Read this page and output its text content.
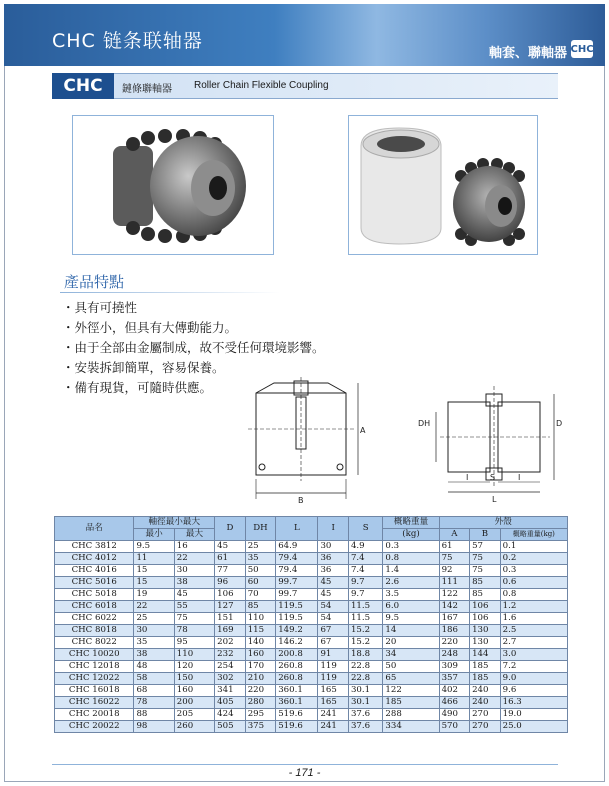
CHC 链条联轴器
軸套、聯軸器 CHC
CHC	鏈條聯軸器 Roller Chain Flexible Coupling
產品特點
・具有可撓性
・外徑小，但具有大傳動能力。
・由于全部由金屬制成，故不受任何環境影響。
・安裝拆卸簡單，容易保養。
・備有現貨，可隨時供應。
A
B
DH	D
I	S	I
L
品名	軸徑最小最大		D	DH	L	I	S	概略重量	外殼		
	最小	最大						(kg)	A	B	概略重量(kg)
CHC 3812	9.5	16	45	25	64.9	30	4.9	0.3	61	57	0.1
CHC 4012	11	22	61	35	79.4	36	7.4	0.8	75	75	0.2
CHC 4016	15	30	77	50	79.4	36	7.4	1.4	92	75	0.3
CHC 5016	15	38	96	60	99.7	45	9.7	2.6	111	85	0.6
CHC 5018	19	45	106	70	99.7	45	9.7	3.5	122	85	0.8
CHC 6018	22	55	127	85	119.5	54	11.5	6.0	142	106	1.2
CHC 6022	25	75	151	110	119.5	54	11.5	9.5	167	106	1.6
CHC 8018	30	78	169	115	149.2	67	15.2	14	186	130	2.5
CHC 8022	35	95	202	140	146.2	67	15.2	20	220	130	2.7
CHC 10020	38	110	232	160	200.8	91	18.8	34	248	144	3.0
CHC 12018	48	120	254	170	260.8	119	22.8	50	309	185	7.2
CHC 12022	58	150	302	210	260.8	119	22.8	65	357	185	9.0
CHC 16018	68	160	341	220	360.1	165	30.1	122	402	240	9.6
CHC 16022	78	200	405	280	360.1	165	30.1	185	466	240	16.3
CHC 20018	88	205	424	295	519.6	241	37.6	288	490	270	19.0
CHC 20022	98	260	505	375	519.6	241	37.6	334	570	270	25.0
- 171 -
